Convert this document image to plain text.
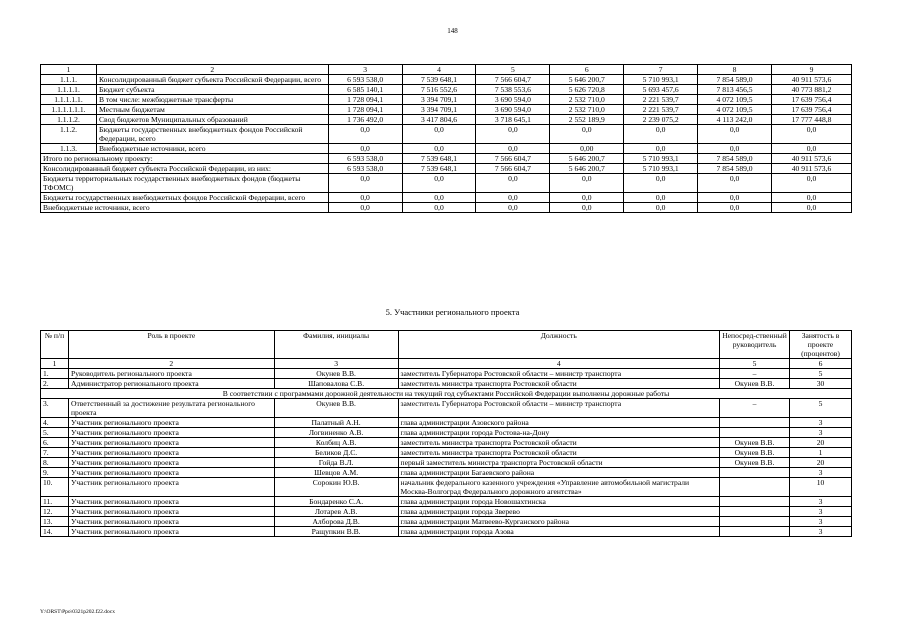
148
1	2	3	4	5	6	7	8	9
1.1.1.	Консолидированный бюджет субъекта Российской Федерации, всего	6 593 538,0	7 539 648,1	7 566 604,7	5 646 200,7	5 710 993,1	7 854 589,0	40 911 573,6
1.1.1.1.	Бюджет субъекта	6 585 140,1	7 516 552,6	7 538 553,6	5 626 720,8	5 693 457,6	7 813 456,5	40 773 881,2
1.1.1.1.1.	В том числе: межбюджетные трансферты	1 728 094,1	3 394 709,1	3 690 594,0	2 532 710,0	2 221 539,7	4 072 109,5	17 639 756,4
1.1.1.1.1.1.	Местным бюджетам	1 728 094,1	3 394 709,1	3 690 594,0	2 532 710,0	2 221 539,7	4 072 109,5	17 639 756,4
1.1.1.2.	Свод бюджетов Муниципальных образований	1 736 492,0	3 417 804,6	3 718 645,1	2 552 189,9	2 239 075,2	4 113 242,0	17 777 448,8
1.1.2.	Бюджеты государственных внебюджетных фондов Российской Федерации, всего	0,0	0,0	0,0	0,0	0,0	0,0	0,0
1.1.3.	Внебюджетные источники, всего	0,0	0,0	0,0	0,00	0,0	0,0	0,0
Итого по региональному проекту:		6 593 538,0	7 539 648,1	7 566 604,7	5 646 200,7	5 710 993,1	7 854 589,0	40 911 573,6
Консолидированный бюджет субъекта Российской Федерации, из них:		6 593 538,0	7 539 648,1	7 566 604,7	5 646 200,7	5 710 993,1	7 854 589,0	40 911 573,6
Бюджеты территориальных государственных внебюджетных фондов (бюджеты ТФОМС)		0,0	0,0	0,0	0,0	0,0	0,0	0,0
Бюджеты государственных внебюджетных фондов Российской Федерации, всего		0,0	0,0	0,0	0,0	0,0	0,0	0,0
Внебюджетные источники, всего		0,0	0,0	0,0	0,0	0,0	0,0	0,0
5. Участники регионального проекта
№ п/п	Роль в проекте	Фамилия, инициалы	Должность	Непосред-ственный руководитель	Занятость в проекте (процентов)
1	2	3	4	5	6
1.	Руководитель регионального проекта	Окунев В.В.	заместитель Губернатора Ростовской области – министр транспорта	–	5
2.	Администратор регионального проекта	Шаповалова С.В.	заместитель министра транспорта Ростовской области	Окунев В.В.	30
В соответствии с программами дорожной деятельности на текущий год субъектами Российской Федерации выполнены дорожные работы					
3.	Ответственный за достижение результата регионального проекта	Окунев В.В.	заместитель Губернатора Ростовской области – министр транспорта	–	5
4.	Участник регионального проекта	Палатный А.Н.	глава администрации Азовского района		3
5.	Участник регионального проекта	Логвиненко А.В.	глава администрации города Ростова-на-Дону		3
6.	Участник регионального проекта	Колбиц А.В.	заместитель министра транспорта Ростовской области	Окунев В.В.	20
7.	Участник регионального проекта	Беликов Д.С.	заместитель министра транспорта Ростовской области	Окунев В.В.	1
8.	Участник регионального проекта	Гойда В.Л.	первый заместитель министра транспорта Ростовской области	Окунев В.В.	20
9.	Участник регионального проекта	Шевцов А.М.	глава администрации Багаевского района		3
10.	Участник регионального проекта	Сорокин Ю.В.	начальник федерального казенного учреждения «Управление автомобильной магистрали Москва-Волгоград Федерального дорожного агентства»		10
11.	Участник регионального проекта	Бондаренко С.А.	глава администрации города Новошахтинска		3
12.	Участник регионального проекта	Лотарев А.В.	глава администрации города Зверево		3
13.	Участник регионального проекта	Алборова Д.В.	глава администрации Матвеево-Курганского района		3
14.	Участник регионального проекта	Ращупкин В.В.	глава администрации города Азова		3
Y:\ORST\Ppo\0321p202.f22.docx
